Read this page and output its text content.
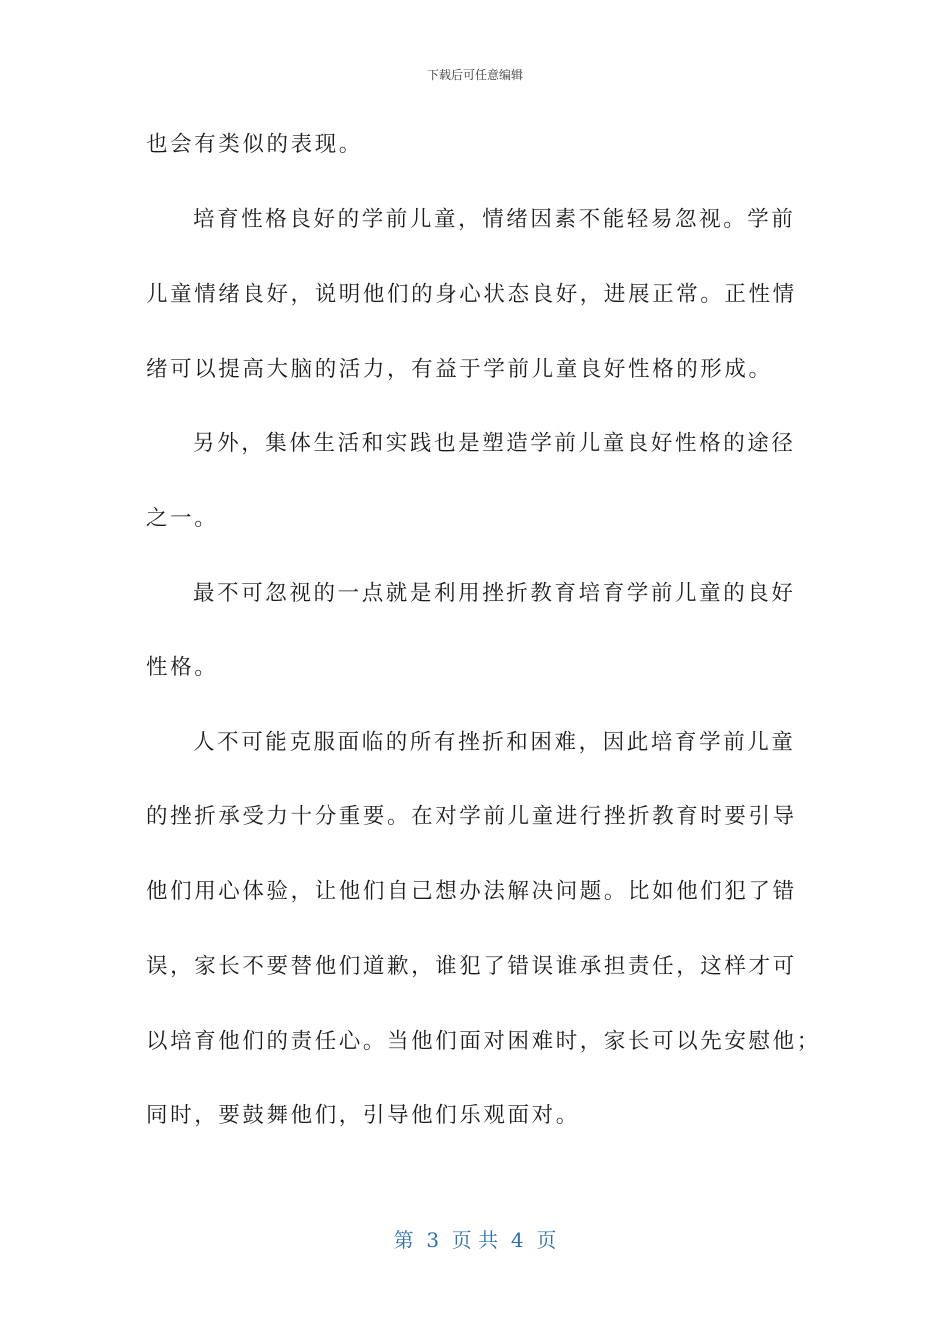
下载后可任意编辑
也会有类似的表现。
培育性格良好的学前儿童，情绪因素不能轻易忽视。学前
儿童情绪良好，说明他们的身心状态良好，进展正常。正性情
绪可以提高大脑的活力，有益于学前儿童良好性格的形成。
另外，集体生活和实践也是塑造学前儿童良好性格的途径
之一。
最不可忽视的一点就是利用挫折教育培育学前儿童的良好
性格。
人不可能克服面临的所有挫折和困难，因此培育学前儿童
的挫折承受力十分重要。在对学前儿童进行挫折教育时要引导
他们用心体验，让他们自己想办法解决问题。比如他们犯了错
误，家长不要替他们道歉，谁犯了错误谁承担责任，这样才可
以培育他们的责任心。当他们面对困难时，家长可以先安慰他；
同时，要鼓舞他们，引导他们乐观面对。
第  3  页 共  4  页
